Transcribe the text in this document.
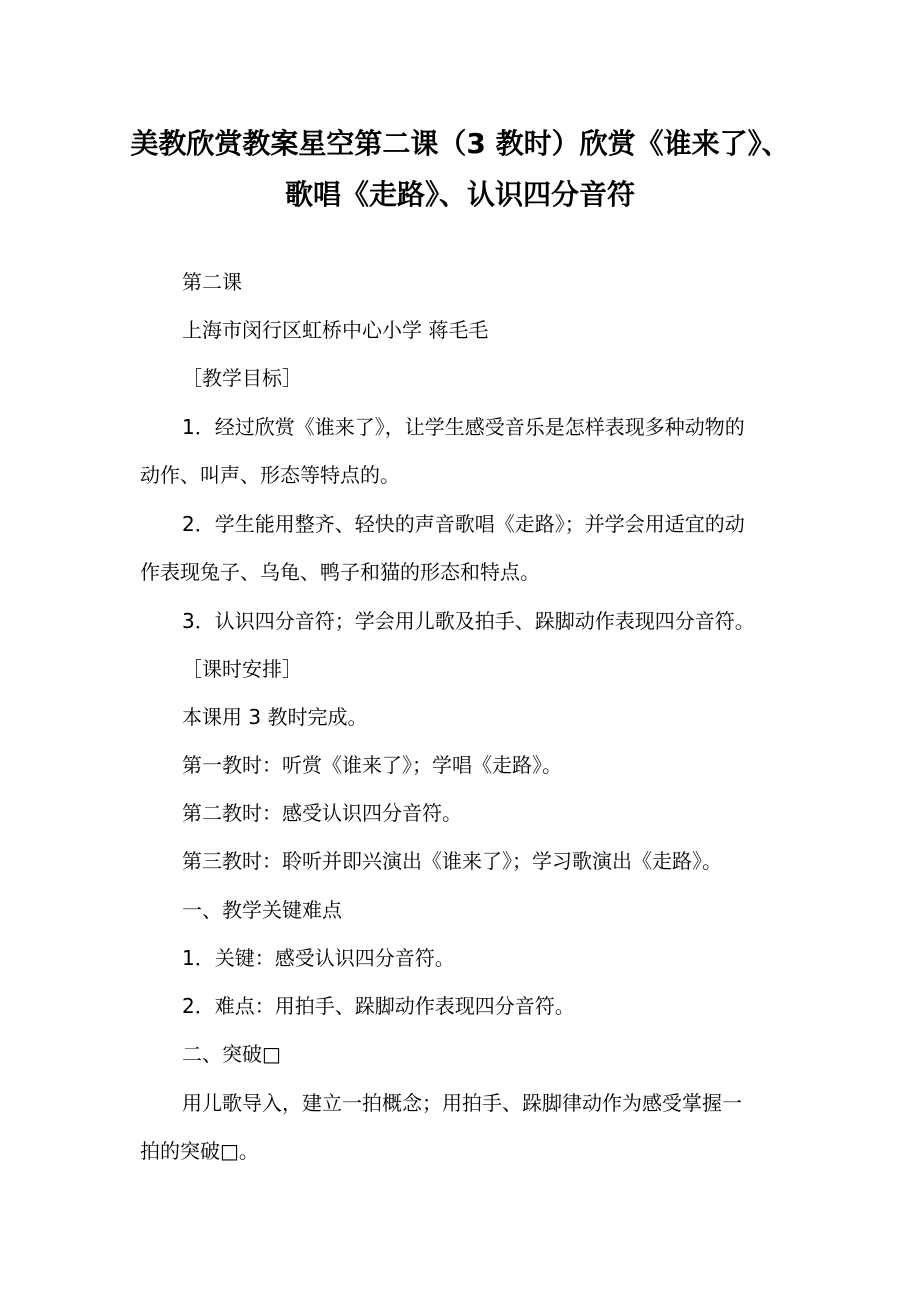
美教欣赏教案星空第二课（3 教时）欣赏《谁来了》、
歌唱《走路》、认识四分音符

第二课

上海市闵行区虹桥中心小学 蒋毛毛

［教学目标］

1．经过欣赏《谁来了》，让学生感受音乐是怎样表现多种动物的

动作、叫声、形态等特点的。

2．学生能用整齐、轻快的声音歌唱《走路》；并学会用适宜的动

作表现兔子、乌龟、鸭子和猫的形态和特点。

3．认识四分音符；学会用儿歌及拍手、跺脚动作表现四分音符。

［课时安排］

本课用 3 教时完成。

第一教时：听赏《谁来了》；学唱《走路》。

第二教时：感受认识四分音符。

第三教时：聆听并即兴演出《谁来了》；学习歌演出《走路》。

一、教学关键难点

1．关键：感受认识四分音符。

2．难点：用拍手、跺脚动作表现四分音符。

二、突破□

用儿歌导入，建立一拍概念；用拍手、跺脚律动作为感受掌握一

拍的突破□。
